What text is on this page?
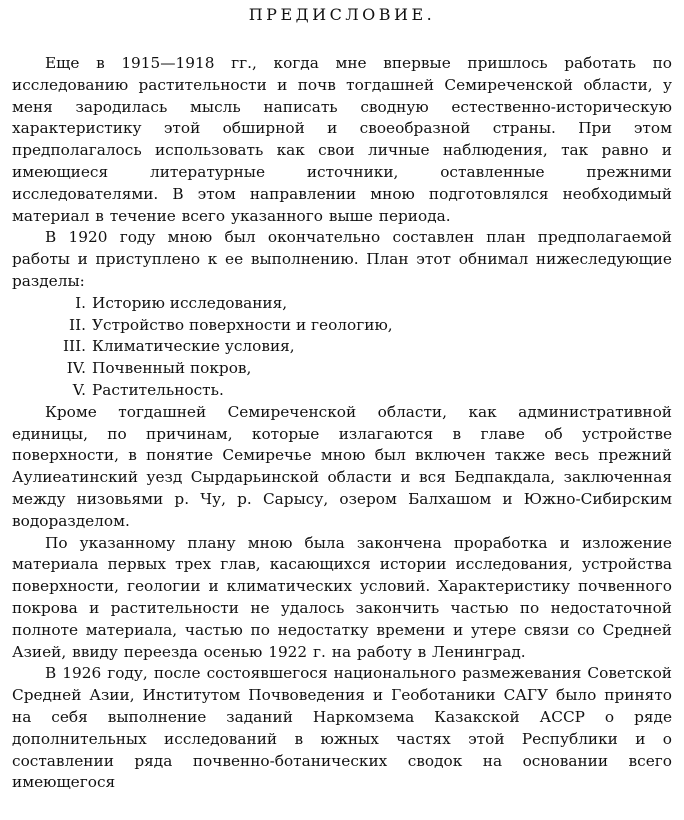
ПРЕДИСЛОВИЕ.

Еще в 1915—1918 гг., когда мне впервые пришлось работать по исследованию растительности и почв тогдашней Семиреченской области, у меня зародилась мысль написать сводную естественно-историческую характеристику этой обширной и своеобразной страны. При этом предполагалось использовать как свои личные наблюдения, так равно и имеющиеся литературные источники, оставленные прежними исследователями. В этом направлении мною подготовлялся необходимый материал в течение всего указанного выше периода.

В 1920 году мною был окончательно составлен план предполагаемой работы и приступлено к ее выполнению. План этот обнимал нижеследующие разделы:

I. Историю исследования,
II. Устройство поверхности и геологию,
III. Климатические условия,
IV. Почвенный покров,
V. Растительность.

Кроме тогдашней Семиреченской области, как административной единицы, по причинам, которые излагаются в главе об устройстве поверхности, в понятие Семиречье мною был включен также весь прежний Аулиеатинский уезд Сырдарьинской области и вся Бедпакдала, заключенная между низовьями р. Чу, р. Сарысу, озером Балхашом и Южно-Сибирским водоразделом.

По указанному плану мною была закончена проработка и изложение материала первых трех глав, касающихся истории исследования, устройства поверхности, геологии и климатических условий. Характеристику почвенного покрова и растительности не удалось закончить частью по недостаточной полноте материала, частью по недостатку времени и утере связи со Средней Азией, ввиду переезда осенью 1922 г. на работу в Ленинград.

В 1926 году, после состоявшегося национального размежевания Советской Средней Азии, Институтом Почвоведения и Геоботаники САГУ было принято на себя выполнение заданий Наркомзема Казакской АССР о ряде дополнительных исследований в южных частях этой Республики и о составлении ряда почвенно-ботанических сводок на основании всего имеющегося
